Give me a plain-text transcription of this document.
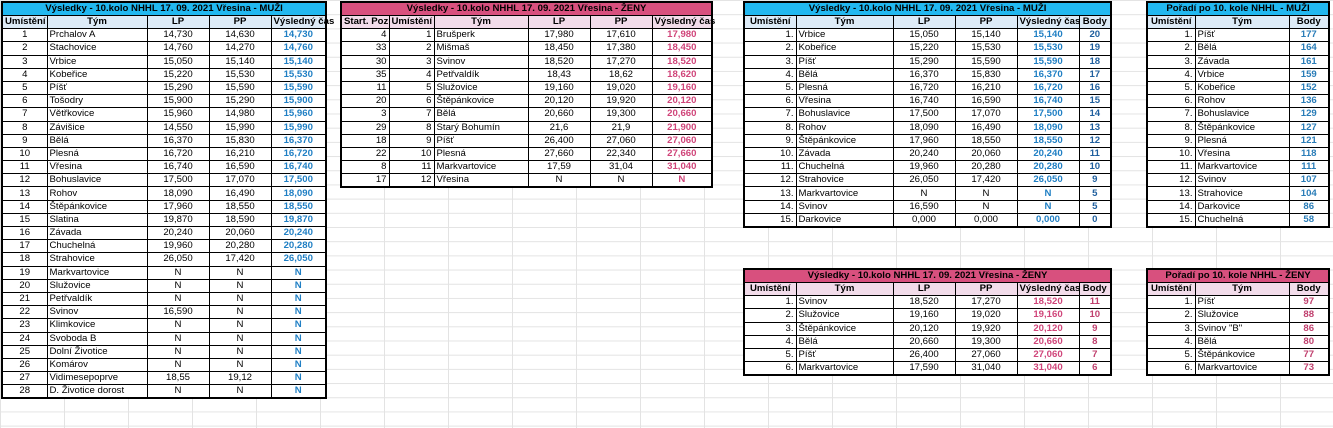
Výsledky - 10.kolo NHHL 17. 09. 2021 Vřesina - MUŽI				
Umístění	Tým	LP	PP	Výsledný čas
1	Prchalov A	14,730	14,630	14,730
2	Stachovice	14,760	14,270	14,760
3	Vrbice	15,050	15,140	15,140
4	Kobeřice	15,220	15,530	15,530
5	Píšť	15,290	15,590	15,590
6	Tošodry	15,900	15,290	15,900
7	Větřkovice	15,960	14,980	15,960
8	Závišice	14,550	15,990	15,990
9	Bělá	16,370	15,830	16,370
10	Plesná	16,720	16,210	16,720
11	Vřesina	16,740	16,590	16,740
12	Bohuslavice	17,500	17,070	17,500
13	Rohov	18,090	16,490	18,090
14	Štěpánkovice	17,960	18,550	18,550
15	Slatina	19,870	18,590	19,870
16	Závada	20,240	20,060	20,240
17	Chuchelná	19,960	20,280	20,280
18	Strahovice	26,050	17,420	26,050
19	Markvartovice	N	N	N
20	Služovice	N	N	N
21	Petřvaldík	N	N	N
22	Svinov	16,590	N	N
23	Klimkovice	N	N	N
24	Svoboda B	N	N	N
25	Dolní Životice	N	N	N
26	Komárov	N	N	N
27	Vidimesepoprve	18,55	19,12	N
28	D. Životice dorost	N	N	N
Výsledky - 10.kolo NHHL 17. 09. 2021 Vřesina - ŽENY					
Start. Poz	Umístění	Tým	LP	PP	Výsledný čas
4	1	Brušperk	17,980	17,610	17,980
33	2	Mišmaš	18,450	17,380	18,450
30	3	Svinov	18,520	17,270	18,520
35	4	Petřvaldík	18,43	18,62	18,620
11	5	Služovice	19,160	19,020	19,160
20	6	Štěpánkovice	20,120	19,920	20,120
3	7	Bělá	20,660	19,300	20,660
29	8	Starý Bohumín	21,6	21,9	21,900
18	9	Píšť	26,400	27,060	27,060
22	10	Plesná	27,660	22,340	27,660
8	11	Markvartovice	17,59	31,04	31,040
17	12	Vřesina	N	N	N
Výsledky - 10.kolo NHHL 17. 09. 2021 Vřesina - MUŽI					
Umístění	Tým	LP	PP	Výsledný čas	Body
1.	Vrbice	15,050	15,140	15,140	20
2.	Kobeřice	15,220	15,530	15,530	19
3.	Píšť	15,290	15,590	15,590	18
4.	Bělá	16,370	15,830	16,370	17
5.	Plesná	16,720	16,210	16,720	16
6.	Vřesina	16,740	16,590	16,740	15
7.	Bohuslavice	17,500	17,070	17,500	14
8.	Rohov	18,090	16,490	18,090	13
9.	Štěpánkovice	17,960	18,550	18,550	12
10.	Závada	20,240	20,060	20,240	11
11.	Chuchelná	19,960	20,280	20,280	10
12.	Strahovice	26,050	17,420	26,050	9
13.	Markvartovice	N	N	N	5
14.	Svinov	16,590	N	N	5
15.	Darkovice	0,000	0,000	0,000	0
Pořadí po 10. kole NHHL - MUŽI		
Umístění	Tým	Body
1.	Píšť	177
2.	Bělá	164
3.	Závada	161
4.	Vrbice	159
5.	Kobeřice	152
6.	Rohov	136
7.	Bohuslavice	129
8.	Štěpánkovice	127
9.	Plesná	121
10.	Vřesina	118
11.	Markvartovice	111
12.	Svinov	107
13.	Strahovice	104
14.	Darkovice	86
15.	Chuchelná	58
Výsledky - 10.kolo NHHL 17. 09. 2021 Vřesina - ŽENY					
Umístění	Tým	LP	PP	Výsledný čas	Body
1.	Svinov	18,520	17,270	18,520	11
2.	Služovice	19,160	19,020	19,160	10
3.	Štěpánkovice	20,120	19,920	20,120	9
4.	Bělá	20,660	19,300	20,660	8
5.	Píšť	26,400	27,060	27,060	7
6.	Markvartovice	17,590	31,040	31,040	6
Pořadí po 10. kole NHHL - ŽENY		
Umístění	Tým	Body
1.	Píšť	97
2.	Služovice	88
3.	Svinov "B"	86
4.	Bělá	80
5.	Štěpánkovice	77
6.	Markvartovice	73
